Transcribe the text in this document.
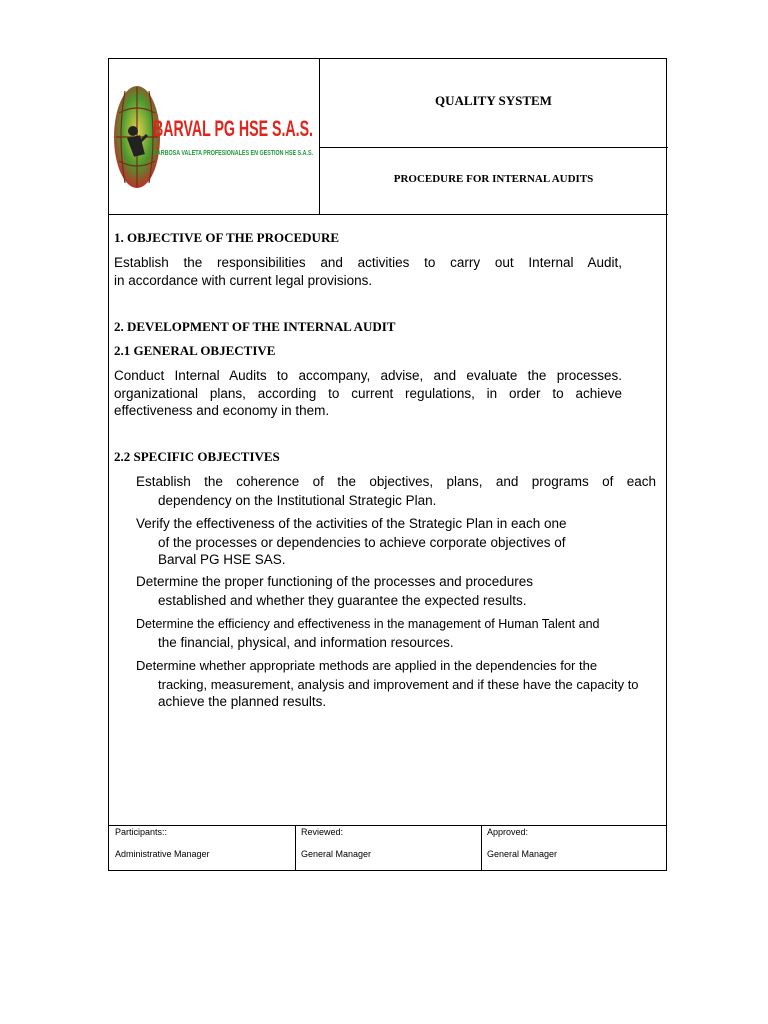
BARVAL PG HSE S.A.S.
BARBOSA VALETA PROFESIONALES EN GESTION HSE S.A.S.
QUALITY SYSTEM
PROCEDURE FOR INTERNAL AUDITS
1. OBJECTIVE OF THE PROCEDURE
Establish the responsibilities and activities to carry out Internal Audit,
in accordance with current legal provisions.
2. DEVELOPMENT OF THE INTERNAL AUDIT
2.1 GENERAL OBJECTIVE
Conduct Internal Audits to accompany, advise, and evaluate the processes.
organizational plans, according to current regulations, in order to achieve
effectiveness and economy in them.
2.2 SPECIFIC OBJECTIVES
Establish the coherence of the objectives, plans, and programs of each
dependency on the Institutional Strategic Plan.
Verify the effectiveness of the activities of the Strategic Plan in each one
of the processes or dependencies to achieve corporate objectives of
Barval PG HSE SAS.
Determine the proper functioning of the processes and procedures
established and whether they guarantee the expected results.
Determine the efficiency and effectiveness in the management of Human Talent and
the financial, physical, and information resources.
Determine whether appropriate methods are applied in the dependencies for the
tracking, measurement, analysis and improvement and if these have the capacity to
achieve the planned results.
Participants::
Administrative Manager
Reviewed:
General Manager
Approved:
General Manager
